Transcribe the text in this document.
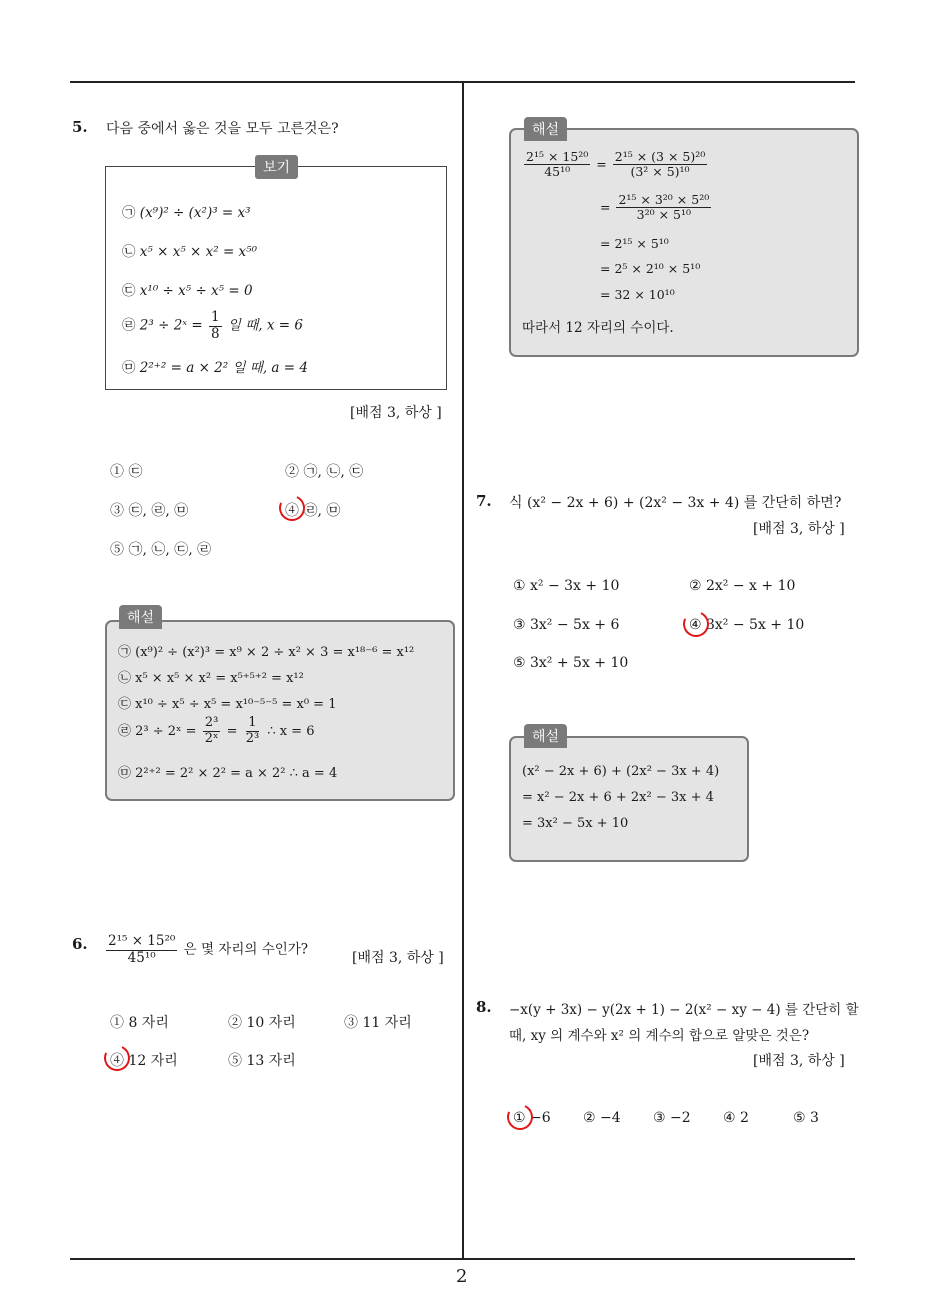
2
5. 다음 중에서 옳은 것을 모두 고른것은?
보기
㉠ (x⁹)² ÷ (x²)³ = x³
㉡ x⁵ × x⁵ × x² = x⁵⁰
㉢ x¹⁰ ÷ x⁵ ÷ x⁵ = 0
㉣ 2³ ÷ 2ˣ = $\frac{1}{8}$ 일 때, x = 6
㉤ 2²⁺² = a × 2² 일 때, a = 4
[배점 3, 하상 ]
① ㉢	② ㉠, ㉡, ㉢
③ ㉢, ㉣, ㉤	④ ㉣, ㉤
⑤ ㉠, ㉡, ㉢, ㉣
해설
㉠ (x⁹)² ÷ (x²)³ = x⁹ × 2 ÷ x² × 3 = x¹⁸⁻⁶ = x¹²
㉡ x⁵ × x⁵ × x² = x⁵⁺⁵⁺² = x¹²
㉢ x¹⁰ ÷ x⁵ ÷ x⁵ = x¹⁰⁻⁵⁻⁵ = x⁰ = 1
㉣ 2³ ÷ 2ˣ = $\frac{\text{2³}}{\text{2ˣ}} = \frac{1}{\text{2³}}$ ∴ x = 6
㉤ 2²⁺² = 2² × 2² = a × 2² ∴ a = 4
6. $\frac{\text{2¹⁵ × 15²⁰}}{\text{45¹⁰}}$ 은 몇 자리의 수인가?
[배점 3, 하상 ]
① 8 자리	② 10 자리	③ 11 자리
④ 12 자리	⑤ 13 자리
해설
$\frac{\text{2¹⁵ × 15²⁰}}{\text{45¹⁰}} = \frac{\text{2¹⁵ × (3 × 5)²⁰}}{\text{(3² × 5)¹⁰}}$
= $\frac{\text{2¹⁵ × 3²⁰ × 5²⁰}}{\text{3²⁰ × 5¹⁰}}$
= 2¹⁵ × 5¹⁰
= 2⁵ × 2¹⁰ × 5¹⁰
= 32 × 10¹⁰
따라서 12 자리의 수이다.
7. 식 (x² − 2x + 6) + (2x² − 3x + 4) 를 간단히 하면?
[배점 3, 하상 ]
① x² − 3x + 10	② 2x² − x + 10
③ 3x² − 5x + 6	④ 3x² − 5x + 10
⑤ 3x² + 5x + 10
해설
(x² − 2x + 6) + (2x² − 3x + 4)
= x² − 2x + 6 + 2x² − 3x + 4
= 3x² − 5x + 10
8. −x(y + 3x) − y(2x + 1) − 2(x² − xy − 4) 를 간단히 할
때, xy 의 계수와 x² 의 계수의 합으로 알맞은 것은?
[배점 3, 하상 ]
① −6 ② −4 ③ −2 ④ 2	⑤ 3
